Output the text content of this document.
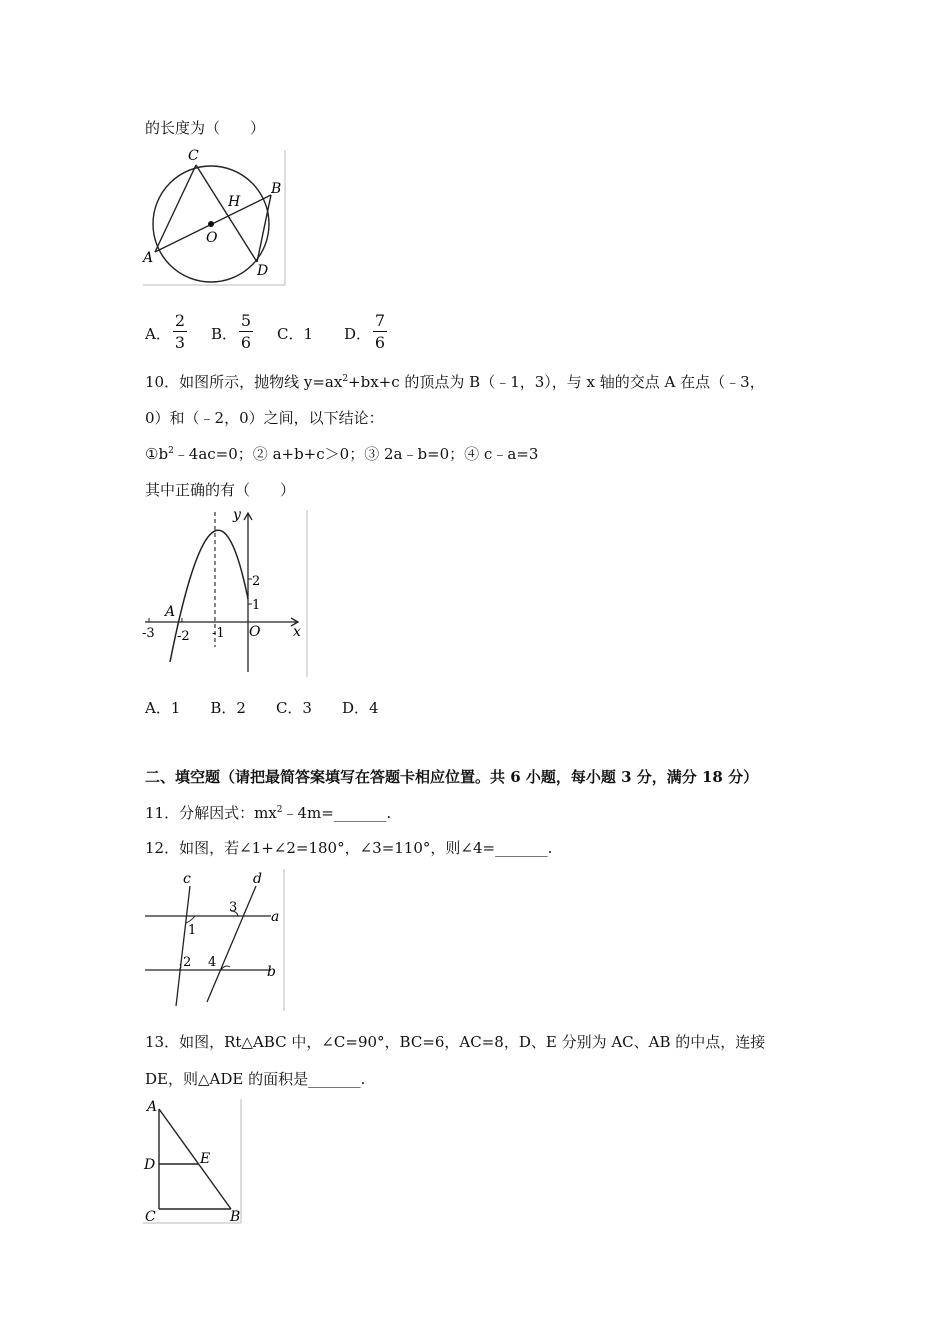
的长度为（　　）
C
B
H
O
A
D
A．
2
3 B．
5
6 C．1 D．
7
6
10．如图所示，抛物线 $y=ax^2+bx+c$ 的顶点为 B（﹣1，3），与 x 轴的交点 A 在点（﹣3，
0）和（﹣2，0）之间，以下结论：
$①b^2﹣4ac=0$；② a+b+c＞0；③ 2a﹣b=0；④ c﹣a=3
其中正确的有（　　）
y
2
1
A
-3 -2 -1 O x
A．1　　B．2　　C．3　　D．4
二、填空题（请把最简答案填写在答题卡相应位置。共 6 小题，每小题 3 分，满分 18 分）
11．分解因式：$mx^2﹣4m=\_\_\_\_\_\_\_$.
12．如图，若∠1+∠2=180°，∠3=110°，则∠4=_______.
c	d
3
a
1
2 4
b
13．如图，Rt△ABC 中，∠C=90°，BC=6，AC=8，D、E 分别为 AC、AB 的中点，连接
DE，则△ADE 的面积是_______.
A
D	E
C	B
